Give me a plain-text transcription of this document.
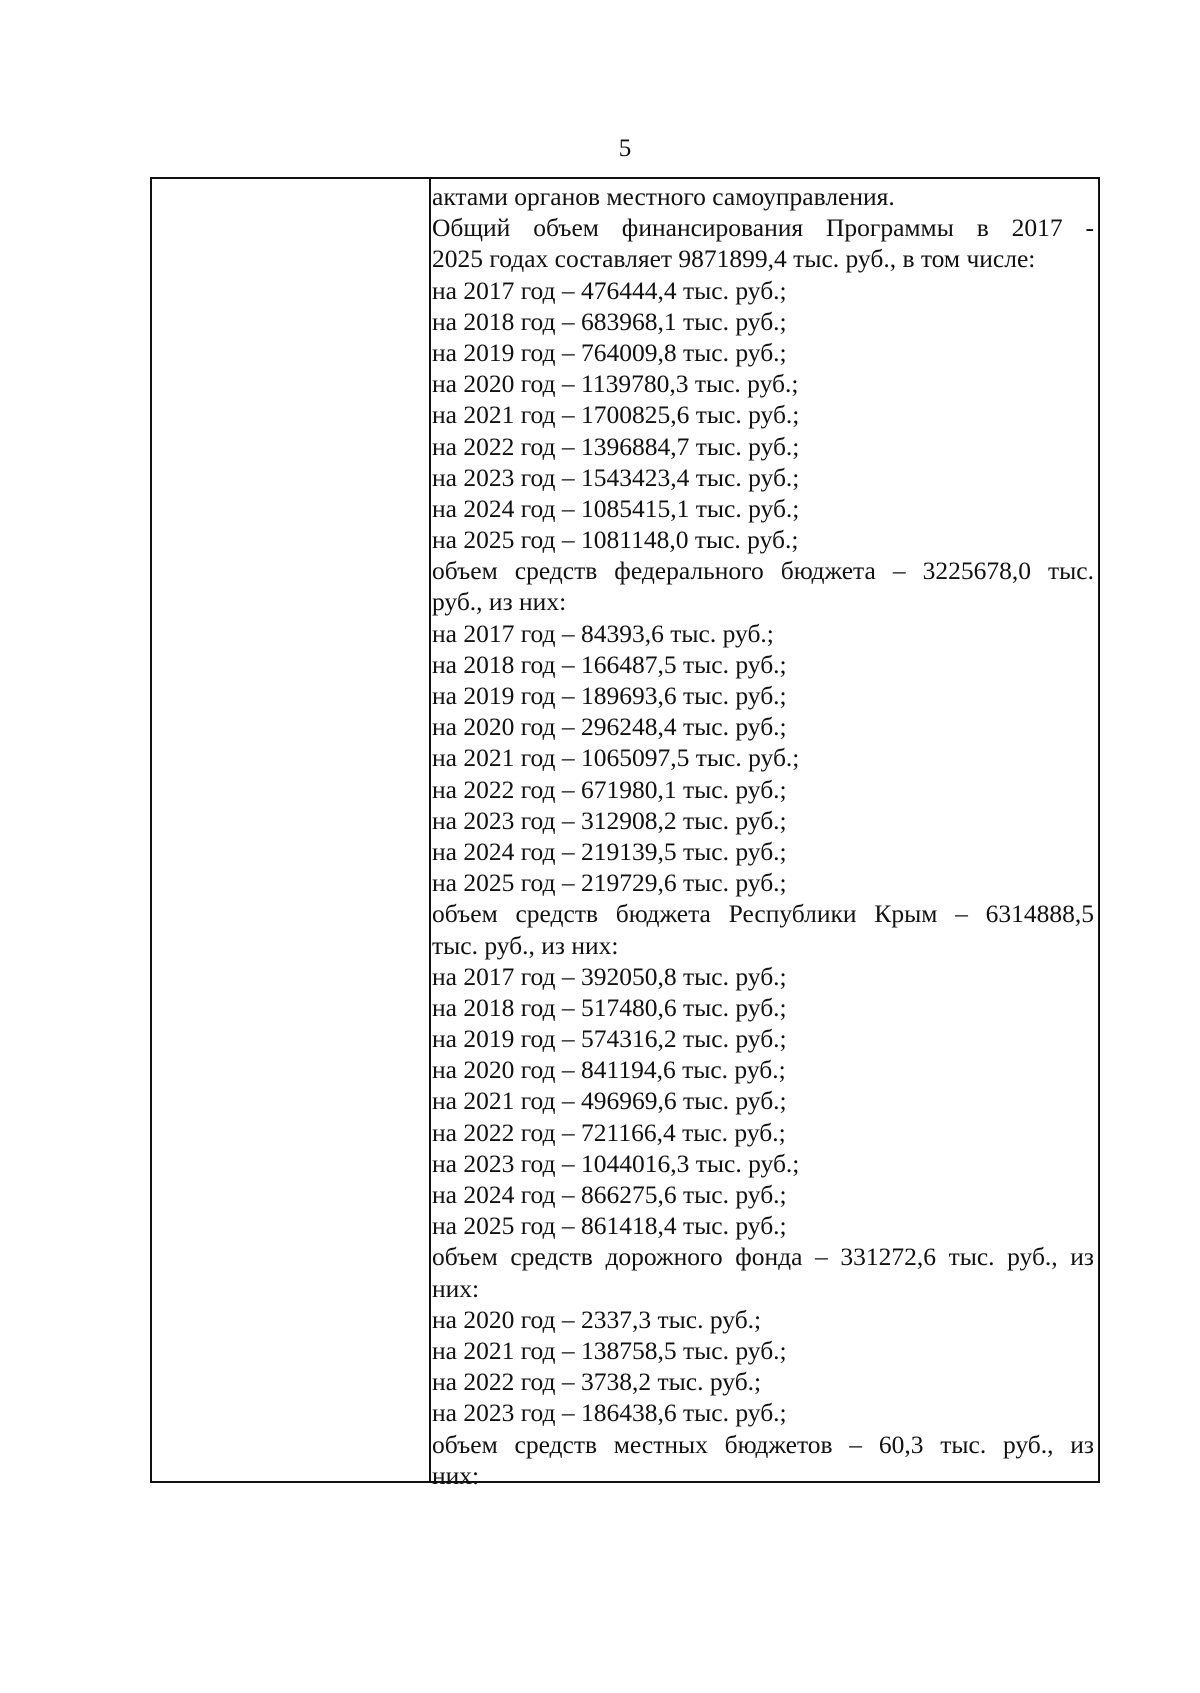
5
актами органов местного самоуправления.
Общий объем финансирования Программы в 2017 -
2025 годах составляет 9871899,4 тыс. руб., в том числе:
на 2017 год – 476444,4 тыс. руб.;
на 2018 год – 683968,1 тыс. руб.;
на 2019 год – 764009,8 тыс. руб.;
на 2020 год – 1139780,3 тыс. руб.;
на 2021 год – 1700825,6 тыс. руб.;
на 2022 год – 1396884,7 тыс. руб.;
на 2023 год – 1543423,4 тыс. руб.;
на 2024 год – 1085415,1 тыс. руб.;
на 2025 год – 1081148,0 тыс. руб.;
объем средств федерального бюджета – 3225678,0 тыс.
руб., из них:
на 2017 год – 84393,6 тыс. руб.;
на 2018 год – 166487,5 тыс. руб.;
на 2019 год – 189693,6 тыс. руб.;
на 2020 год – 296248,4 тыс. руб.;
на 2021 год – 1065097,5 тыс. руб.;
на 2022 год – 671980,1 тыс. руб.;
на 2023 год – 312908,2 тыс. руб.;
на 2024 год – 219139,5 тыс. руб.;
на 2025 год – 219729,6 тыс. руб.;
объем средств бюджета Республики Крым – 6314888,5
тыс. руб., из них:
на 2017 год – 392050,8 тыс. руб.;
на 2018 год – 517480,6 тыс. руб.;
на 2019 год – 574316,2 тыс. руб.;
на 2020 год – 841194,6 тыс. руб.;
на 2021 год – 496969,6 тыс. руб.;
на 2022 год – 721166,4 тыс. руб.;
на 2023 год – 1044016,3 тыс. руб.;
на 2024 год – 866275,6 тыс. руб.;
на 2025 год – 861418,4 тыс. руб.;
объем средств дорожного фонда – 331272,6 тыс. руб., из
них:
на 2020 год – 2337,3 тыс. руб.;
на 2021 год – 138758,5 тыс. руб.;
на 2022 год – 3738,2 тыс. руб.;
на 2023 год – 186438,6 тыс. руб.;
объем средств местных бюджетов – 60,3 тыс. руб., из
них:
